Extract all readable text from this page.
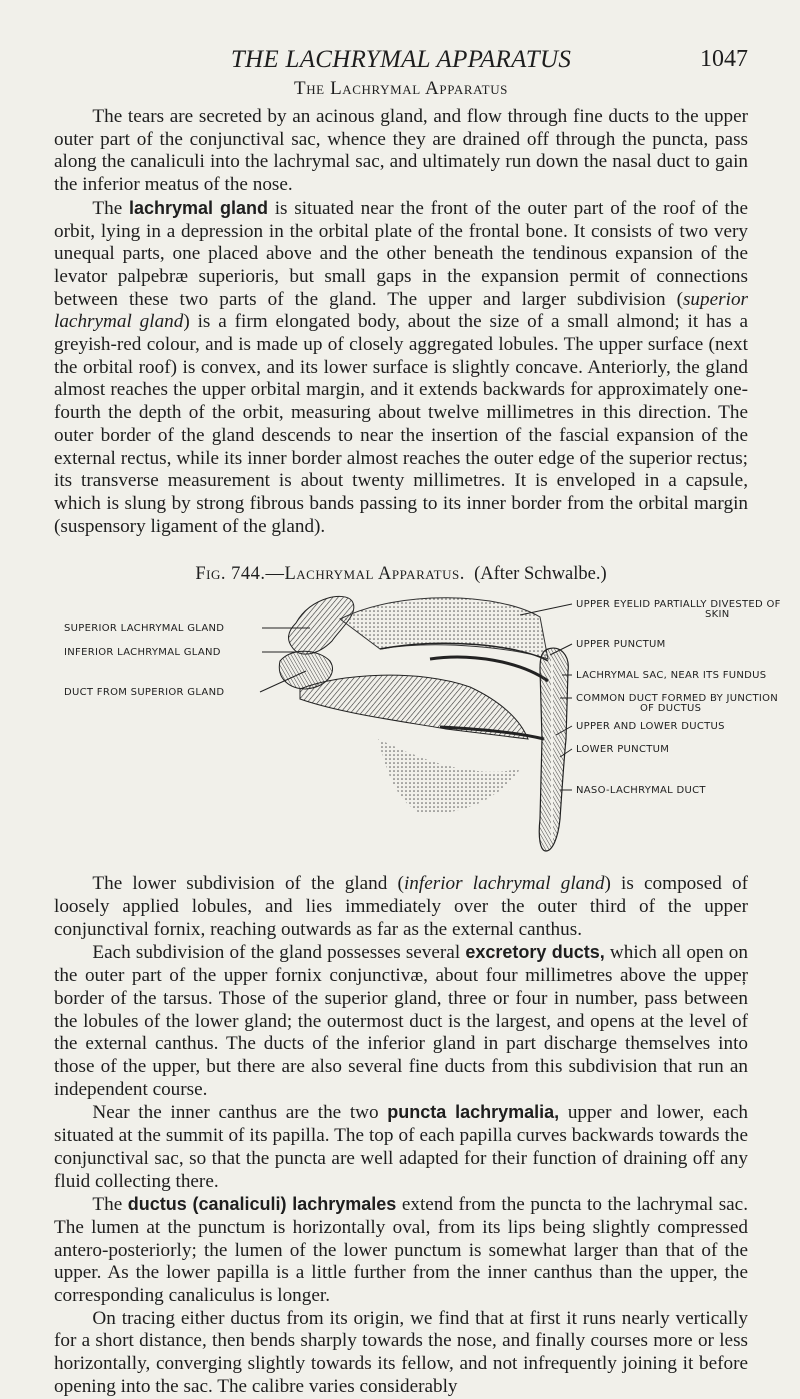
THE LACHRYMAL APPARATUS	1047
The Lachrymal Apparatus

  The tears are secreted by an acinous gland, and flow through fine ducts to the upper outer part of the conjunctival sac, whence they are drained off through the puncta, pass along the canaliculi into the lachrymal sac, and ultimately run down the nasal duct to gain the inferior meatus of the nose.

  The lachrymal gland is situated near the front of the outer part of the roof of the orbit, lying in a depression in the orbital plate of the frontal bone. It consists of two very unequal parts, one placed above and the other beneath the tendinous expansion of the levator palpebræ superioris, but small gaps in the expansion permit of connections between these two parts of the gland. The upper and larger subdivision (superior lachrymal gland) is a firm elongated body, about the size of a small almond; it has a greyish-red colour, and is made up of closely aggregated lobules. The upper surface (next the orbital roof) is convex, and its lower surface is slightly concave. Anteriorly, the gland almost reaches the upper orbital margin, and it extends backwards for approximately one-fourth the depth of the orbit, measuring about twelve millimetres in this direction. The outer border of the gland descends to near the insertion of the fascial expansion of the external rectus, while its inner border almost reaches the outer edge of the superior rectus; its transverse measurement is about twenty millimetres. It is enveloped in a capsule, which is slung by strong fibrous bands passing to its inner border from the orbital margin (suspensory ligament of the gland).

Fig. 744.—Lachrymal Apparatus. (After Schwalbe.)
SUPERIOR LACHRYMAL GLAND
INFERIOR LACHRYMAL GLAND
DUCT FROM SUPERIOR GLAND
UPPER EYELID PARTIALLY DIVESTED OF
SKIN
UPPER PUNCTUM
LACHRYMAL SAC, NEAR ITS FUNDUS
COMMON DUCT FORMED BY JUNCTION
OF DUCTUS
UPPER AND LOWER DUCTUS
LOWER PUNCTUM
NASO-LACHRYMAL DUCT

  The lower subdivision of the gland (inferior lachrymal gland) is composed of loosely applied lobules, and lies immediately over the outer third of the upper conjunctival fornix, reaching outwards as far as the external canthus.

  Each subdivision of the gland possesses several excretory ducts, which all open on the outer part of the upper fornix conjunctivæ, about four millimetres above the uppeŗ border of the tarsus. Those of the superior gland, three or four in number, pass between the lobules of the lower gland; the outermost duct is the largest, and opens at the level of the external canthus. The ducts of the inferior gland in part discharge themselves into those of the upper, but there are also several fine ducts from this subdivision that run an independent course.

  Near the inner canthus are the two puncta lachrymalia, upper and lower, each situated at the summit of its papilla. The top of each papilla curves backwards towards the conjunctival sac, so that the puncta are well adapted for their function of draining off any fluid collecting there.

  The ductus (canaliculi) lachrymales extend from the puncta to the lachrymal sac. The lumen at the punctum is horizontally oval, from its lips being slightly compressed antero-posteriorly; the lumen of the lower punctum is somewhat larger than that of the upper. As the lower papilla is a little further from the inner canthus than the upper, the corresponding canaliculus is longer.

  On tracing either ductus from its origin, we find that at first it runs nearly vertically for a short distance, then bends sharply towards the nose, and finally courses more or less horizontally, converging slightly towards its fellow, and not infrequently joining it before opening into the sac. The calibre varies considerably
